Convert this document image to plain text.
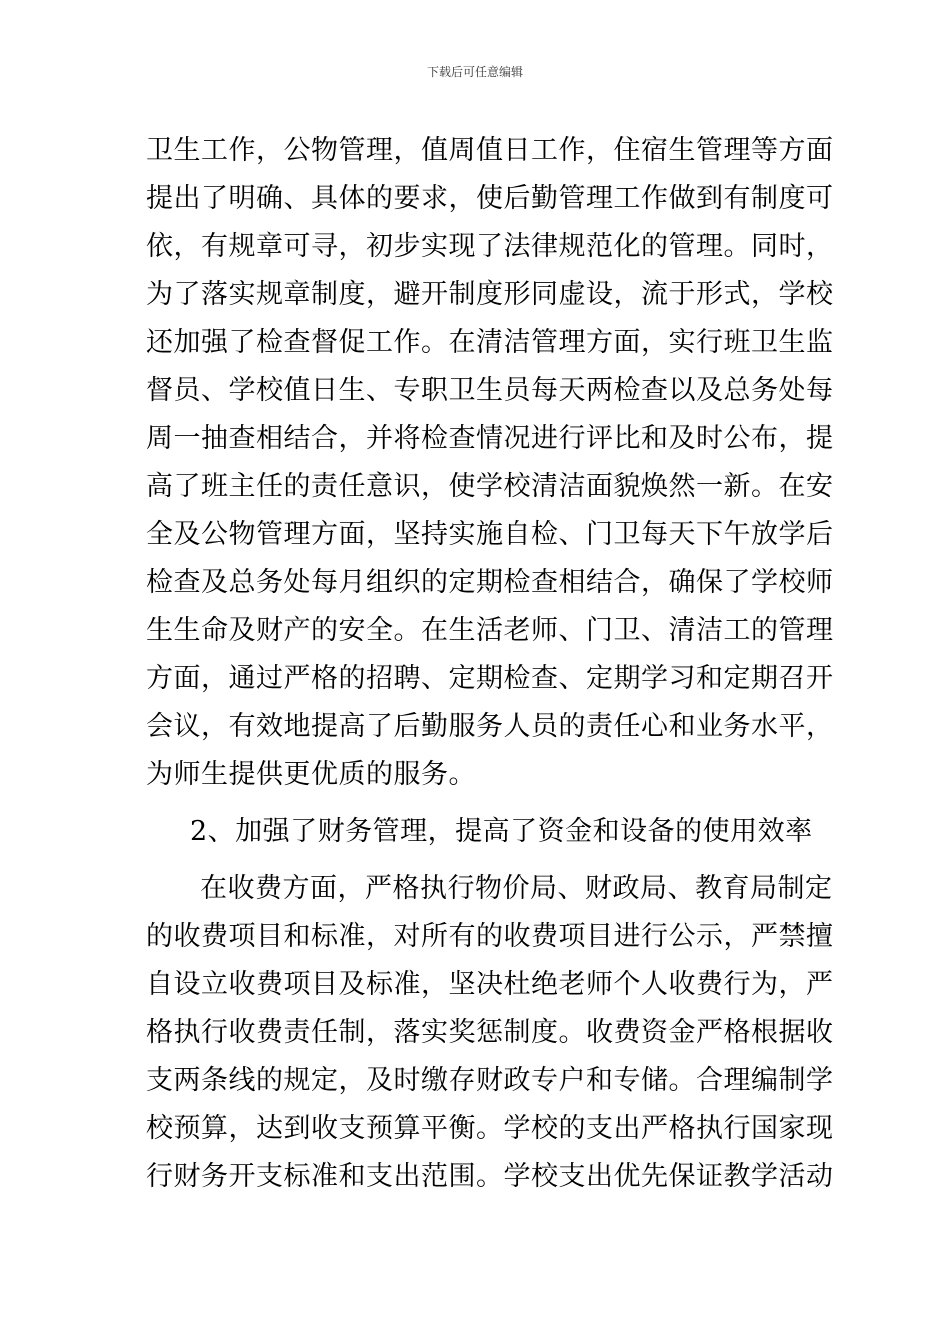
下载后可任意编辑
卫生工作，公物管理，值周值日工作，住宿生管理等方面
提出了明确、具体的要求，使后勤管理工作做到有制度可
依，有规章可寻，初步实现了法律规范化的管理。同时，
为了落实规章制度，避开制度形同虚设，流于形式，学校
还加强了检查督促工作。在清洁管理方面，实行班卫生监
督员、学校值日生、专职卫生员每天两检查以及总务处每
周一抽查相结合，并将检查情况进行评比和及时公布，提
高了班主任的责任意识，使学校清洁面貌焕然一新。在安
全及公物管理方面，坚持实施自检、门卫每天下午放学后
检查及总务处每月组织的定期检查相结合，确保了学校师
生生命及财产的安全。在生活老师、门卫、清洁工的管理
方面，通过严格的招聘、定期检查、定期学习和定期召开
会议，有效地提高了后勤服务人员的责任心和业务水平，
为师生提供更优质的服务。
2、加强了财务管理，提高了资金和设备的使用效率
在收费方面，严格执行物价局、财政局、教育局制定
的收费项目和标准，对所有的收费项目进行公示，严禁擅
自设立收费项目及标准，坚决杜绝老师个人收费行为，严
格执行收费责任制，落实奖惩制度。收费资金严格根据收
支两条线的规定，及时缴存财政专户和专储。合理编制学
校预算，达到收支预算平衡。学校的支出严格执行国家现
行财务开支标准和支出范围。学校支出优先保证教学活动
